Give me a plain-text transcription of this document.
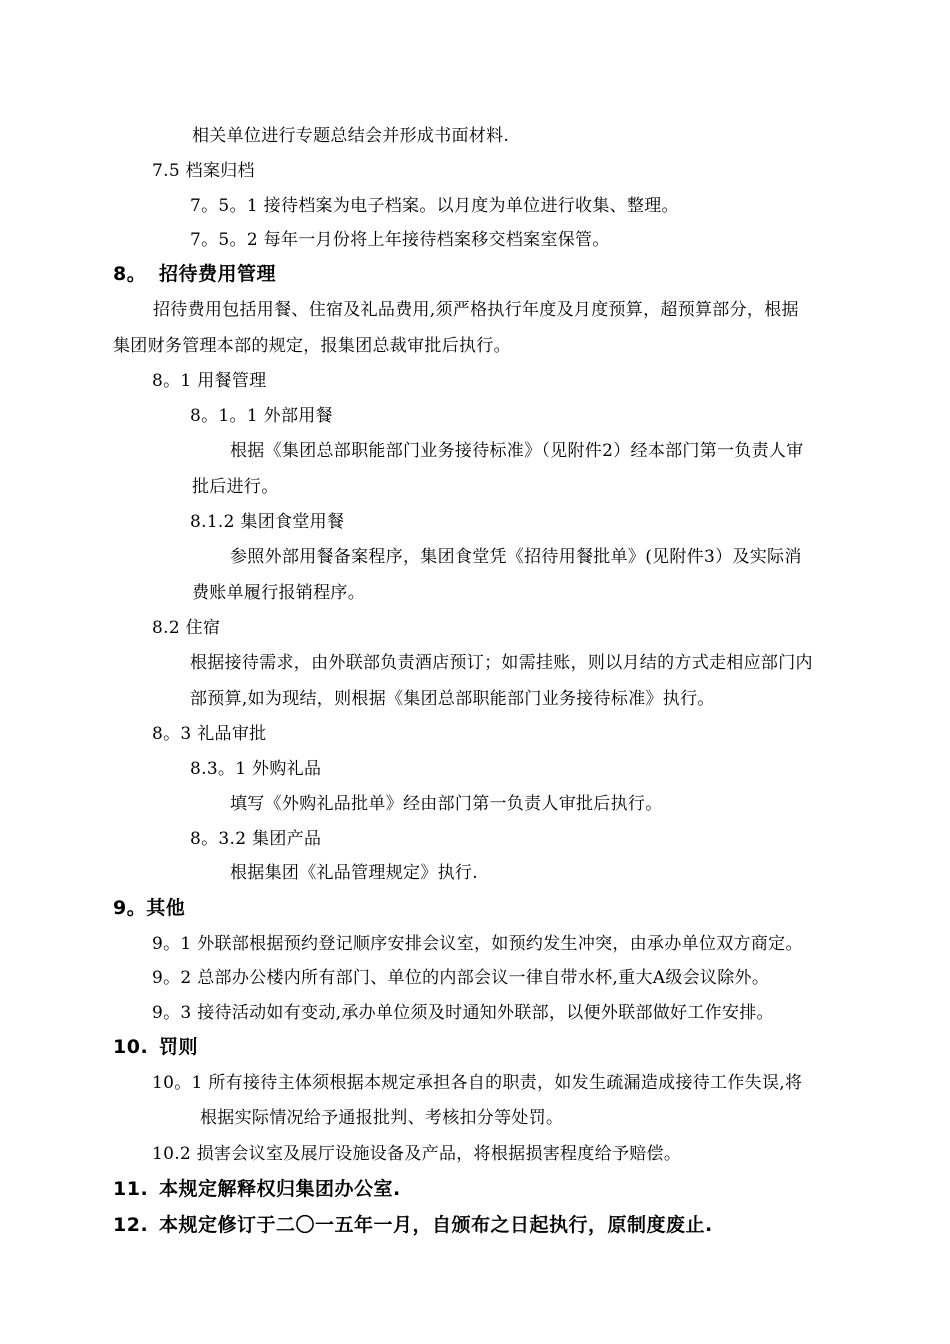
相关单位进行专题总结会并形成书面材料.
7.5 档案归档
7。5。1 接待档案为电子档案。以月度为单位进行收集、整理。
7。5。2 每年一月份将上年接待档案移交档案室保管。
8。 招待费用管理
招待费用包括用餐、住宿及礼品费用,须严格执行年度及月度预算，超预算部分，根据
集团财务管理本部的规定，报集团总裁审批后执行。
8。1 用餐管理
8。1。1 外部用餐
根据《集团总部职能部门业务接待标准》（见附件2）经本部门第一负责人审
批后进行。
8.1.2 集团食堂用餐
参照外部用餐备案程序，集团食堂凭《招待用餐批单》(见附件3）及实际消
费账单履行报销程序。
8.2 住宿
根据接待需求，由外联部负责酒店预订；如需挂账，则以月结的方式走相应部门内
部预算,如为现结，则根据《集团总部职能部门业务接待标准》执行。
8。3 礼品审批
8.3。1 外购礼品
填写《外购礼品批单》经由部门第一负责人审批后执行。
8。3.2 集团产品
根据集团《礼品管理规定》执行.
9。其他
9。1 外联部根据预约登记顺序安排会议室，如预约发生冲突，由承办单位双方商定。
9。2 总部办公楼内所有部门、单位的内部会议一律自带水杯,重大A级会议除外。
9。3 接待活动如有变动,承办单位须及时通知外联部，以便外联部做好工作安排。
10. 罚则
10。1 所有接待主体须根据本规定承担各自的职责，如发生疏漏造成接待工作失误,将
根据实际情况给予通报批判、考核扣分等处罚。
10.2 损害会议室及展厅设施设备及产品，将根据损害程度给予赔偿。
11. 本规定解释权归集团办公室.
12. 本规定修订于二〇一五年一月，自颁布之日起执行，原制度废止.
